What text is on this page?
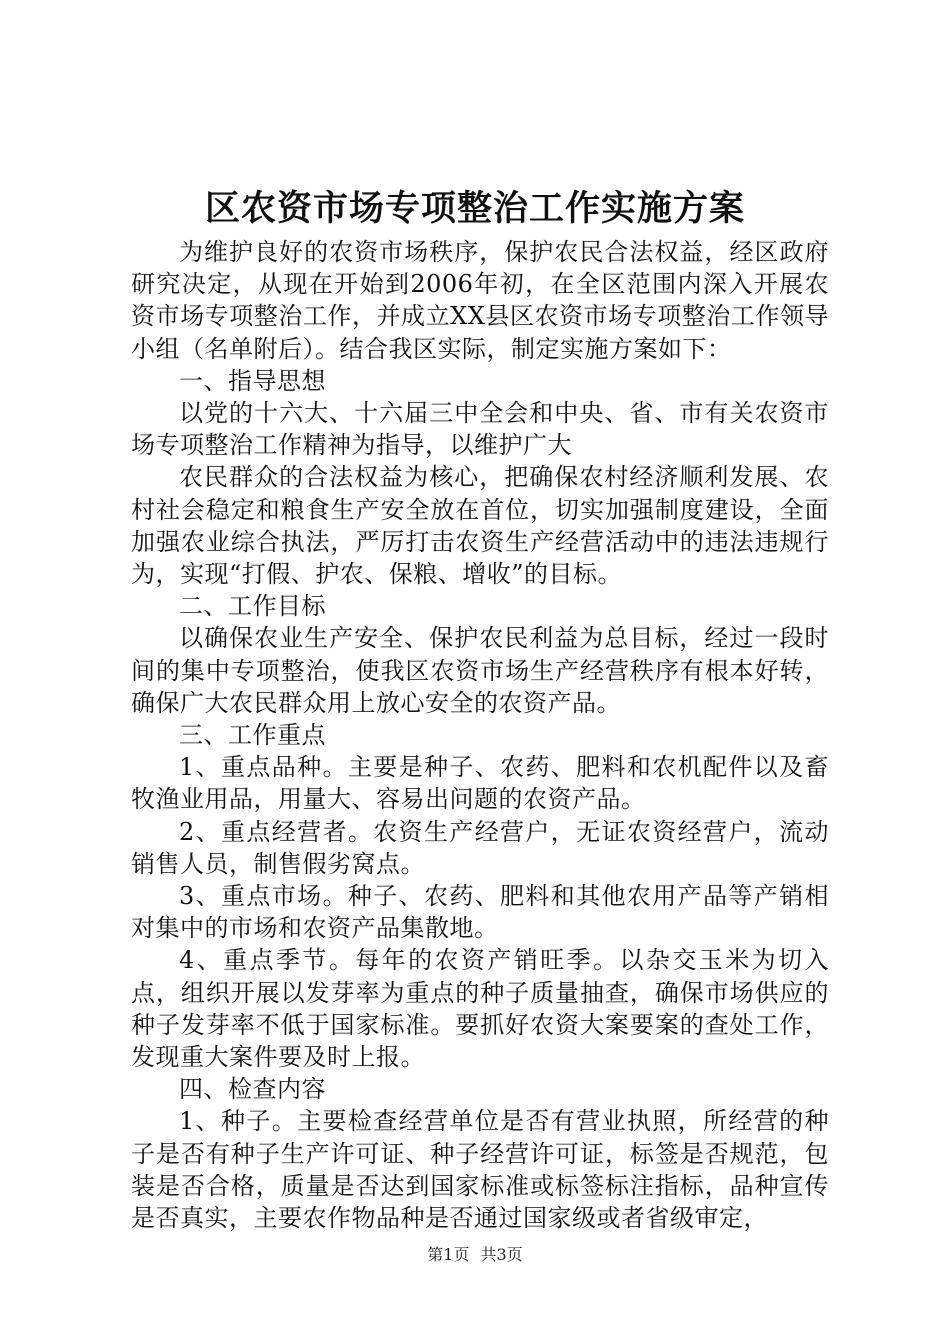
区农资市场专项整治工作实施方案

为维护良好的农资市场秩序，保护农民合法权益，经区政府研究决定，从现在开始到2006年初，在全区范围内深入开展农资市场专项整治工作，并成立XX县区农资市场专项整治工作领导小组（名单附后）。结合我区实际，制定实施方案如下：

一、指导思想

以党的十六大、十六届三中全会和中央、省、市有关农资市场专项整治工作精神为指导，以维护广大

农民群众的合法权益为核心，把确保农村经济顺利发展、农村社会稳定和粮食生产安全放在首位，切实加强制度建设，全面加强农业综合执法，严厉打击农资生产经营活动中的违法违规行为，实现“打假、护农、保粮、增收”的目标。

二、工作目标

以确保农业生产安全、保护农民利益为总目标，经过一段时间的集中专项整治，使我区农资市场生产经营秩序有根本好转，确保广大农民群众用上放心安全的农资产品。

三、工作重点

1、重点品种。主要是种子、农药、肥料和农机配件以及畜牧渔业用品，用量大、容易出问题的农资产品。

2、重点经营者。农资生产经营户，无证农资经营户，流动销售人员，制售假劣窝点。

3、重点市场。种子、农药、肥料和其他农用产品等产销相对集中的市场和农资产品集散地。

4、重点季节。每年的农资产销旺季。以杂交玉米为切入点，组织开展以发芽率为重点的种子质量抽查，确保市场供应的种子发芽率不低于国家标准。要抓好农资大案要案的查处工作，发现重大案件要及时上报。

四、检查内容

1、种子。主要检查经营单位是否有营业执照，所经营的种子是否有种子生产许可证、种子经营许可证，标签是否规范，包装是否合格，质量是否达到国家标准或标签标注指标，品种宣传是否真实，主要农作物品种是否通过国家级或者省级审定，

第1页 共3页
